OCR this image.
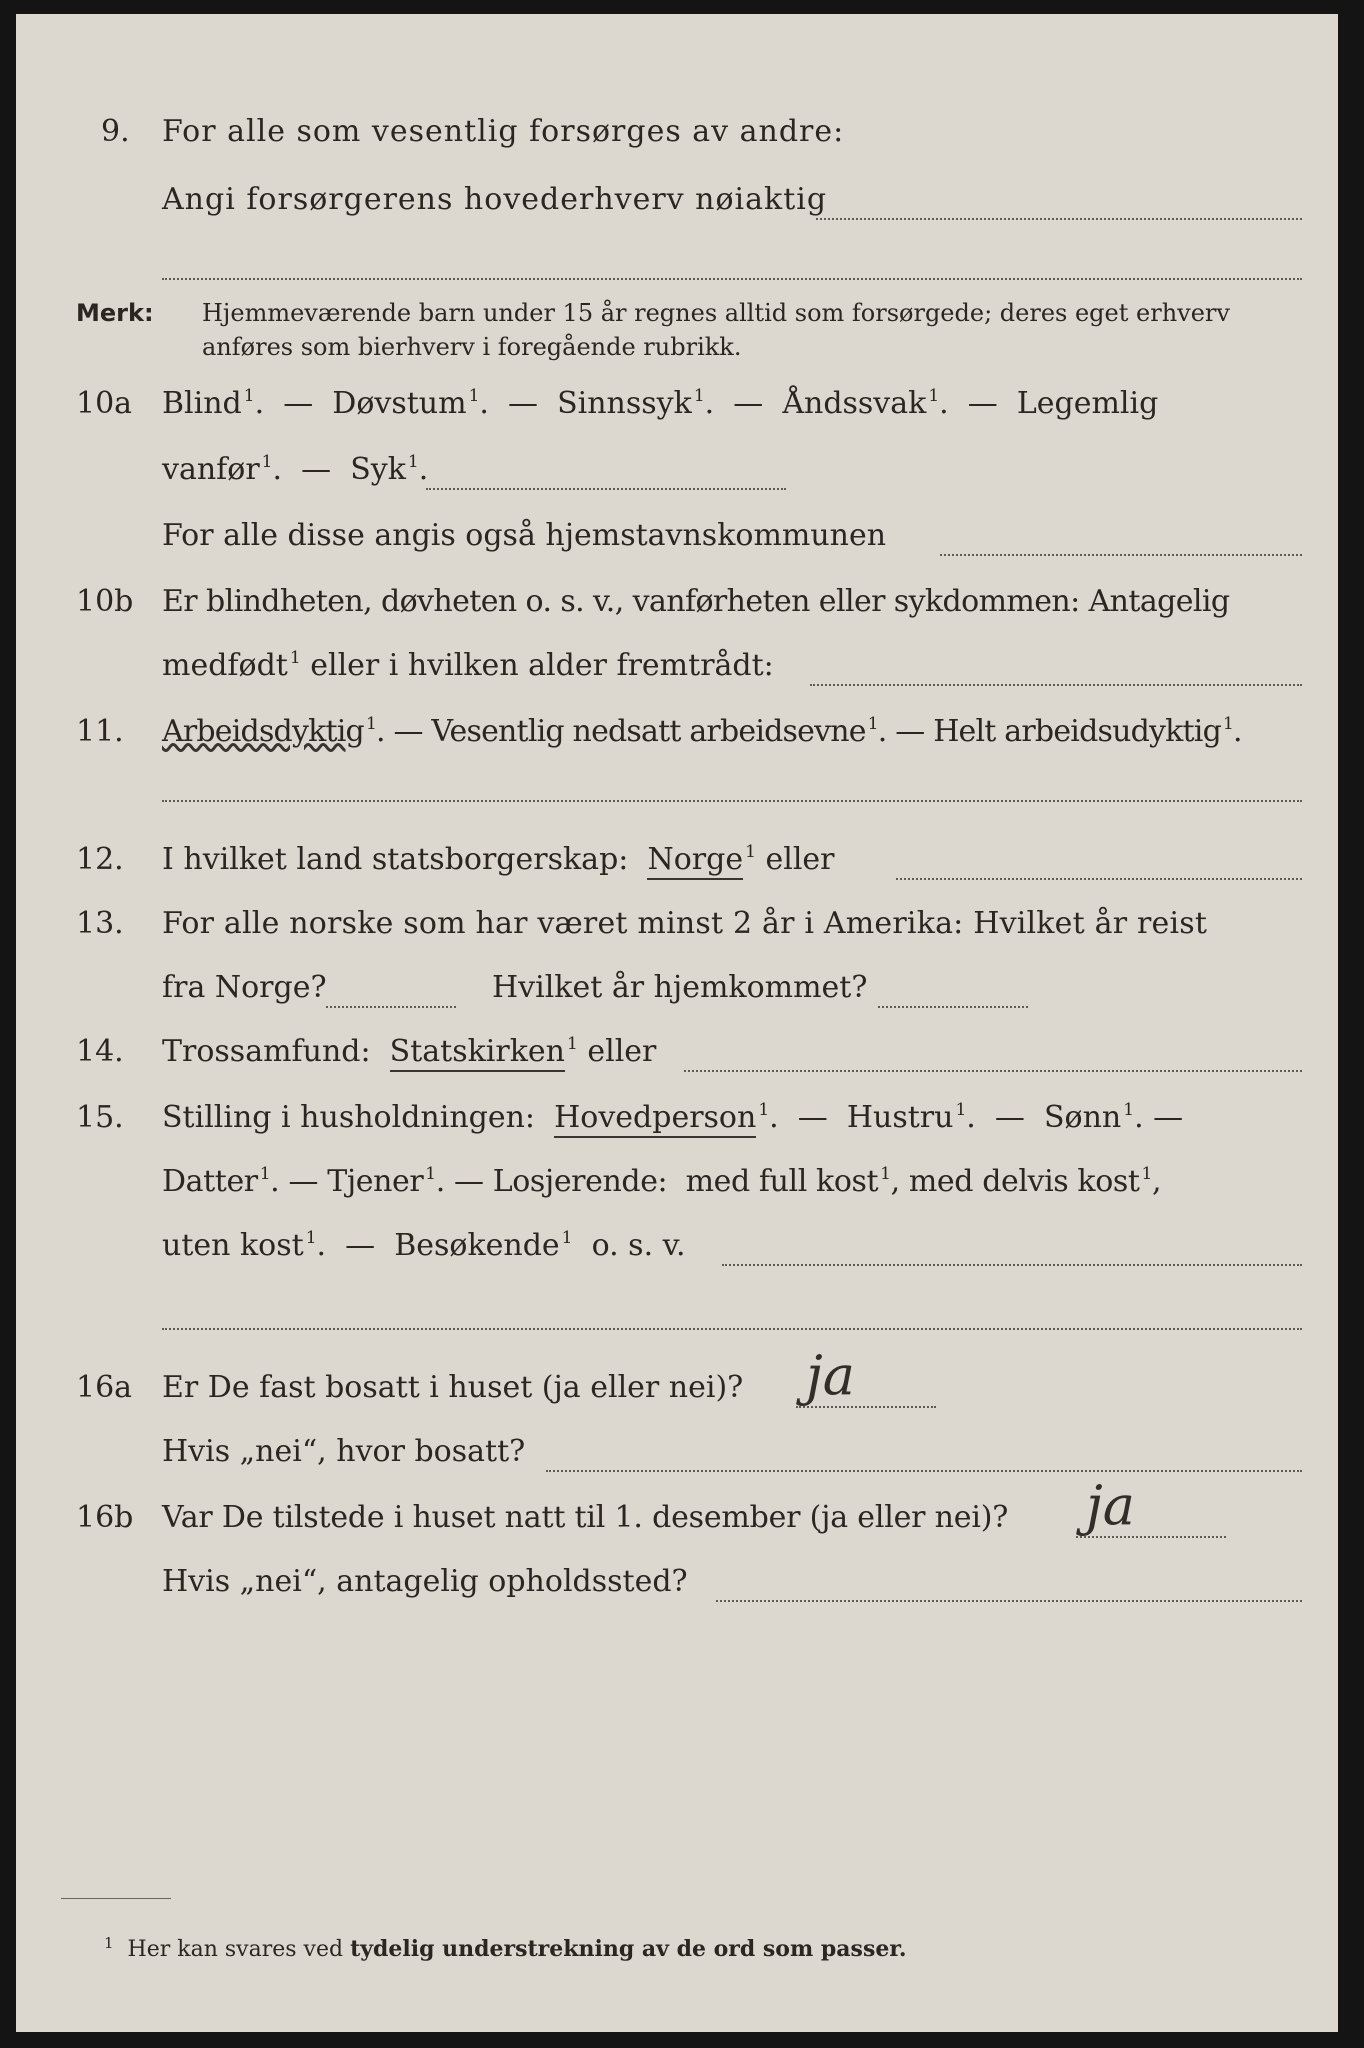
9. For alle som vesentlig forsørges av andre:
Angi forsørgerens hovederhverv nøiaktig
Merk: Hjemmeværende barn under 15 år regnes alltid som forsørgede; deres eget erhverv
anføres som bierhverv i foregående rubrikk.
10a Blind $^1$.  — Døvstum $^1$.  — Sinnssyk $^1$.  — Åndssvak $^1$.  — Legemlig
vanfør $^1$.  — Syk $^1$.
For alle disse angis også hjemstavnskommunen
10b Er blindheten, døvheten o. s. v., vanførheten eller sykdommen: Antagelig
medfødt $^1$ eller i hvilken alder fremtrådt:
11. Arbeidsdyktig $^1$. — Vesentlig nedsatt arbeidsevne $^1$. — Helt arbeidsudyktig $^1$.
12. I hvilket land statsborgerskap: Norge $^1$ eller
13. For alle norske som har været minst 2 år i Amerika: Hvilket år reist
fra Norge?	Hvilket år hjemkommet?
14. Trossamfund: Statskirken $^1$ eller
15. Stilling i husholdningen: Hovedperson $^1$.  — Hustru $^1$.  — Sønn $^1$. —
Datter $^1$. — Tjener $^1$. — Losjerende: med full kost $^1$, med delvis kost $^1$,
uten kost $^1$.  — Besøkende $^1$ o. s. v.
16a Er De fast bosatt i huset (ja eller nei)? ja
Hvis „nei“, hvor bosatt?
16b Var De tilstede i huset natt til 1. desember (ja eller nei)? ja
Hvis „nei“, antagelig opholdssted?
$^1$ Her kan svares ved tydelig understrekning av de ord som passer.
